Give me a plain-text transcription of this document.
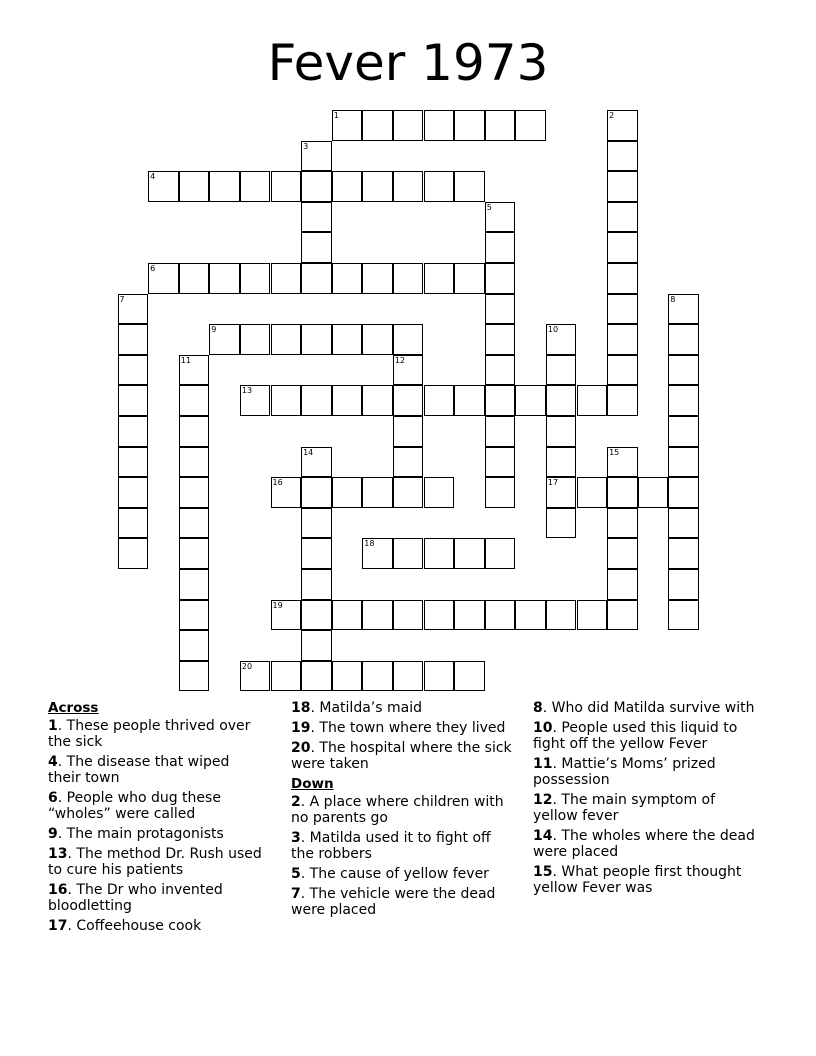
Fever 1973
1
4
6
9
13
16	17
18
19
20
2
3
5
7	8
10
11	12
14	15
Across
1. These people thrived over the sick
4. The disease that wiped their town
6. People who dug these “wholes” were called
9. The main protagonists
13. The method Dr. Rush used to cure his patients
16. The Dr who invented bloodletting
17. Coffeehouse cook
18. Matilda’s maid
19. The town where they lived
20. The hospital where the sick were taken
Down
2. A place where children with no parents go
3. Matilda used it to fight off the robbers
5. The cause of yellow fever
7. The vehicle were the dead were placed
8. Who did Matilda survive with
10. People used this liquid to fight off the yellow Fever
11. Mattie’s Moms’ prized possession
12. The main symptom of yellow fever
14. The wholes where the dead were placed
15. What people first thought yellow Fever was
